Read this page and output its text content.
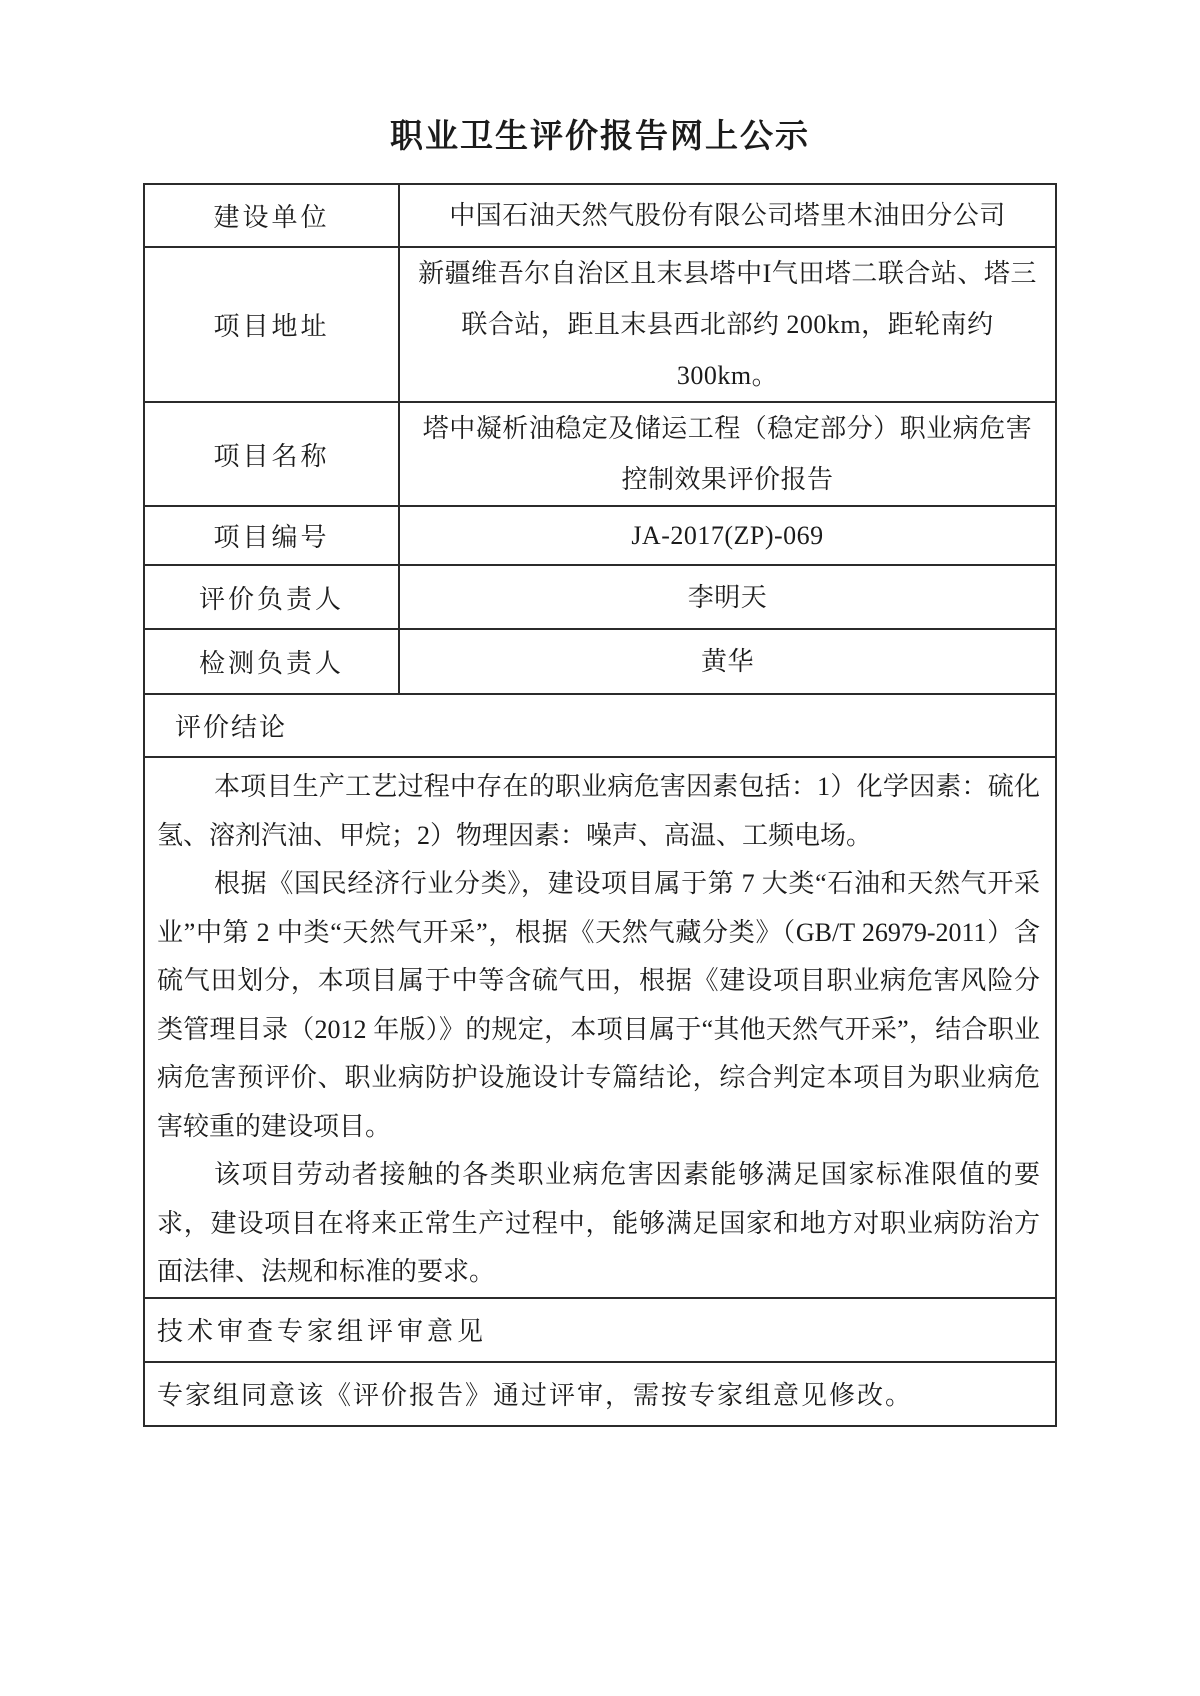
职业卫生评价报告网上公示
建设单位	中国石油天然气股份有限公司塔里木油田分公司
项目地址	新疆维吾尔自治区且末县塔中I气田塔二联合站、塔三联合站，距且末县西北部约 200km，距轮南约 300km。
项目名称	塔中凝析油稳定及储运工程（稳定部分）职业病危害控制效果评价报告
项目编号	JA-2017(ZP)-069
评价负责人	李明天
检测负责人	黄华
评价结论	

本项目生产工艺过程中存在的职业病危害因素包括：1）化学因素：硫化氢、溶剂汽油、甲烷；2）物理因素：噪声、高温、工频电场。

根据《国民经济行业分类》，建设项目属于第 7 大类“石油和天然气开采业”中第 2 中类“天然气开采”，根据《天然气藏分类》（GB/T 26979-2011）含硫气田划分，本项目属于中等含硫气田，根据《建设项目职业病危害风险分类管理目录（2012 年版）》的规定，本项目属于“其他天然气开采”，结合职业病危害预评价、职业病防护设施设计专篇结论，综合判定本项目为职业病危害较重的建设项目。

该项目劳动者接触的各类职业病危害因素能够满足国家标准限值的要求，建设项目在将来正常生产过程中，能够满足国家和地方对职业病防治方面法律、法规和标准的要求。	

技术审查专家组评审意见	
专家组同意该《评价报告》通过评审，需按专家组意见修改。	
